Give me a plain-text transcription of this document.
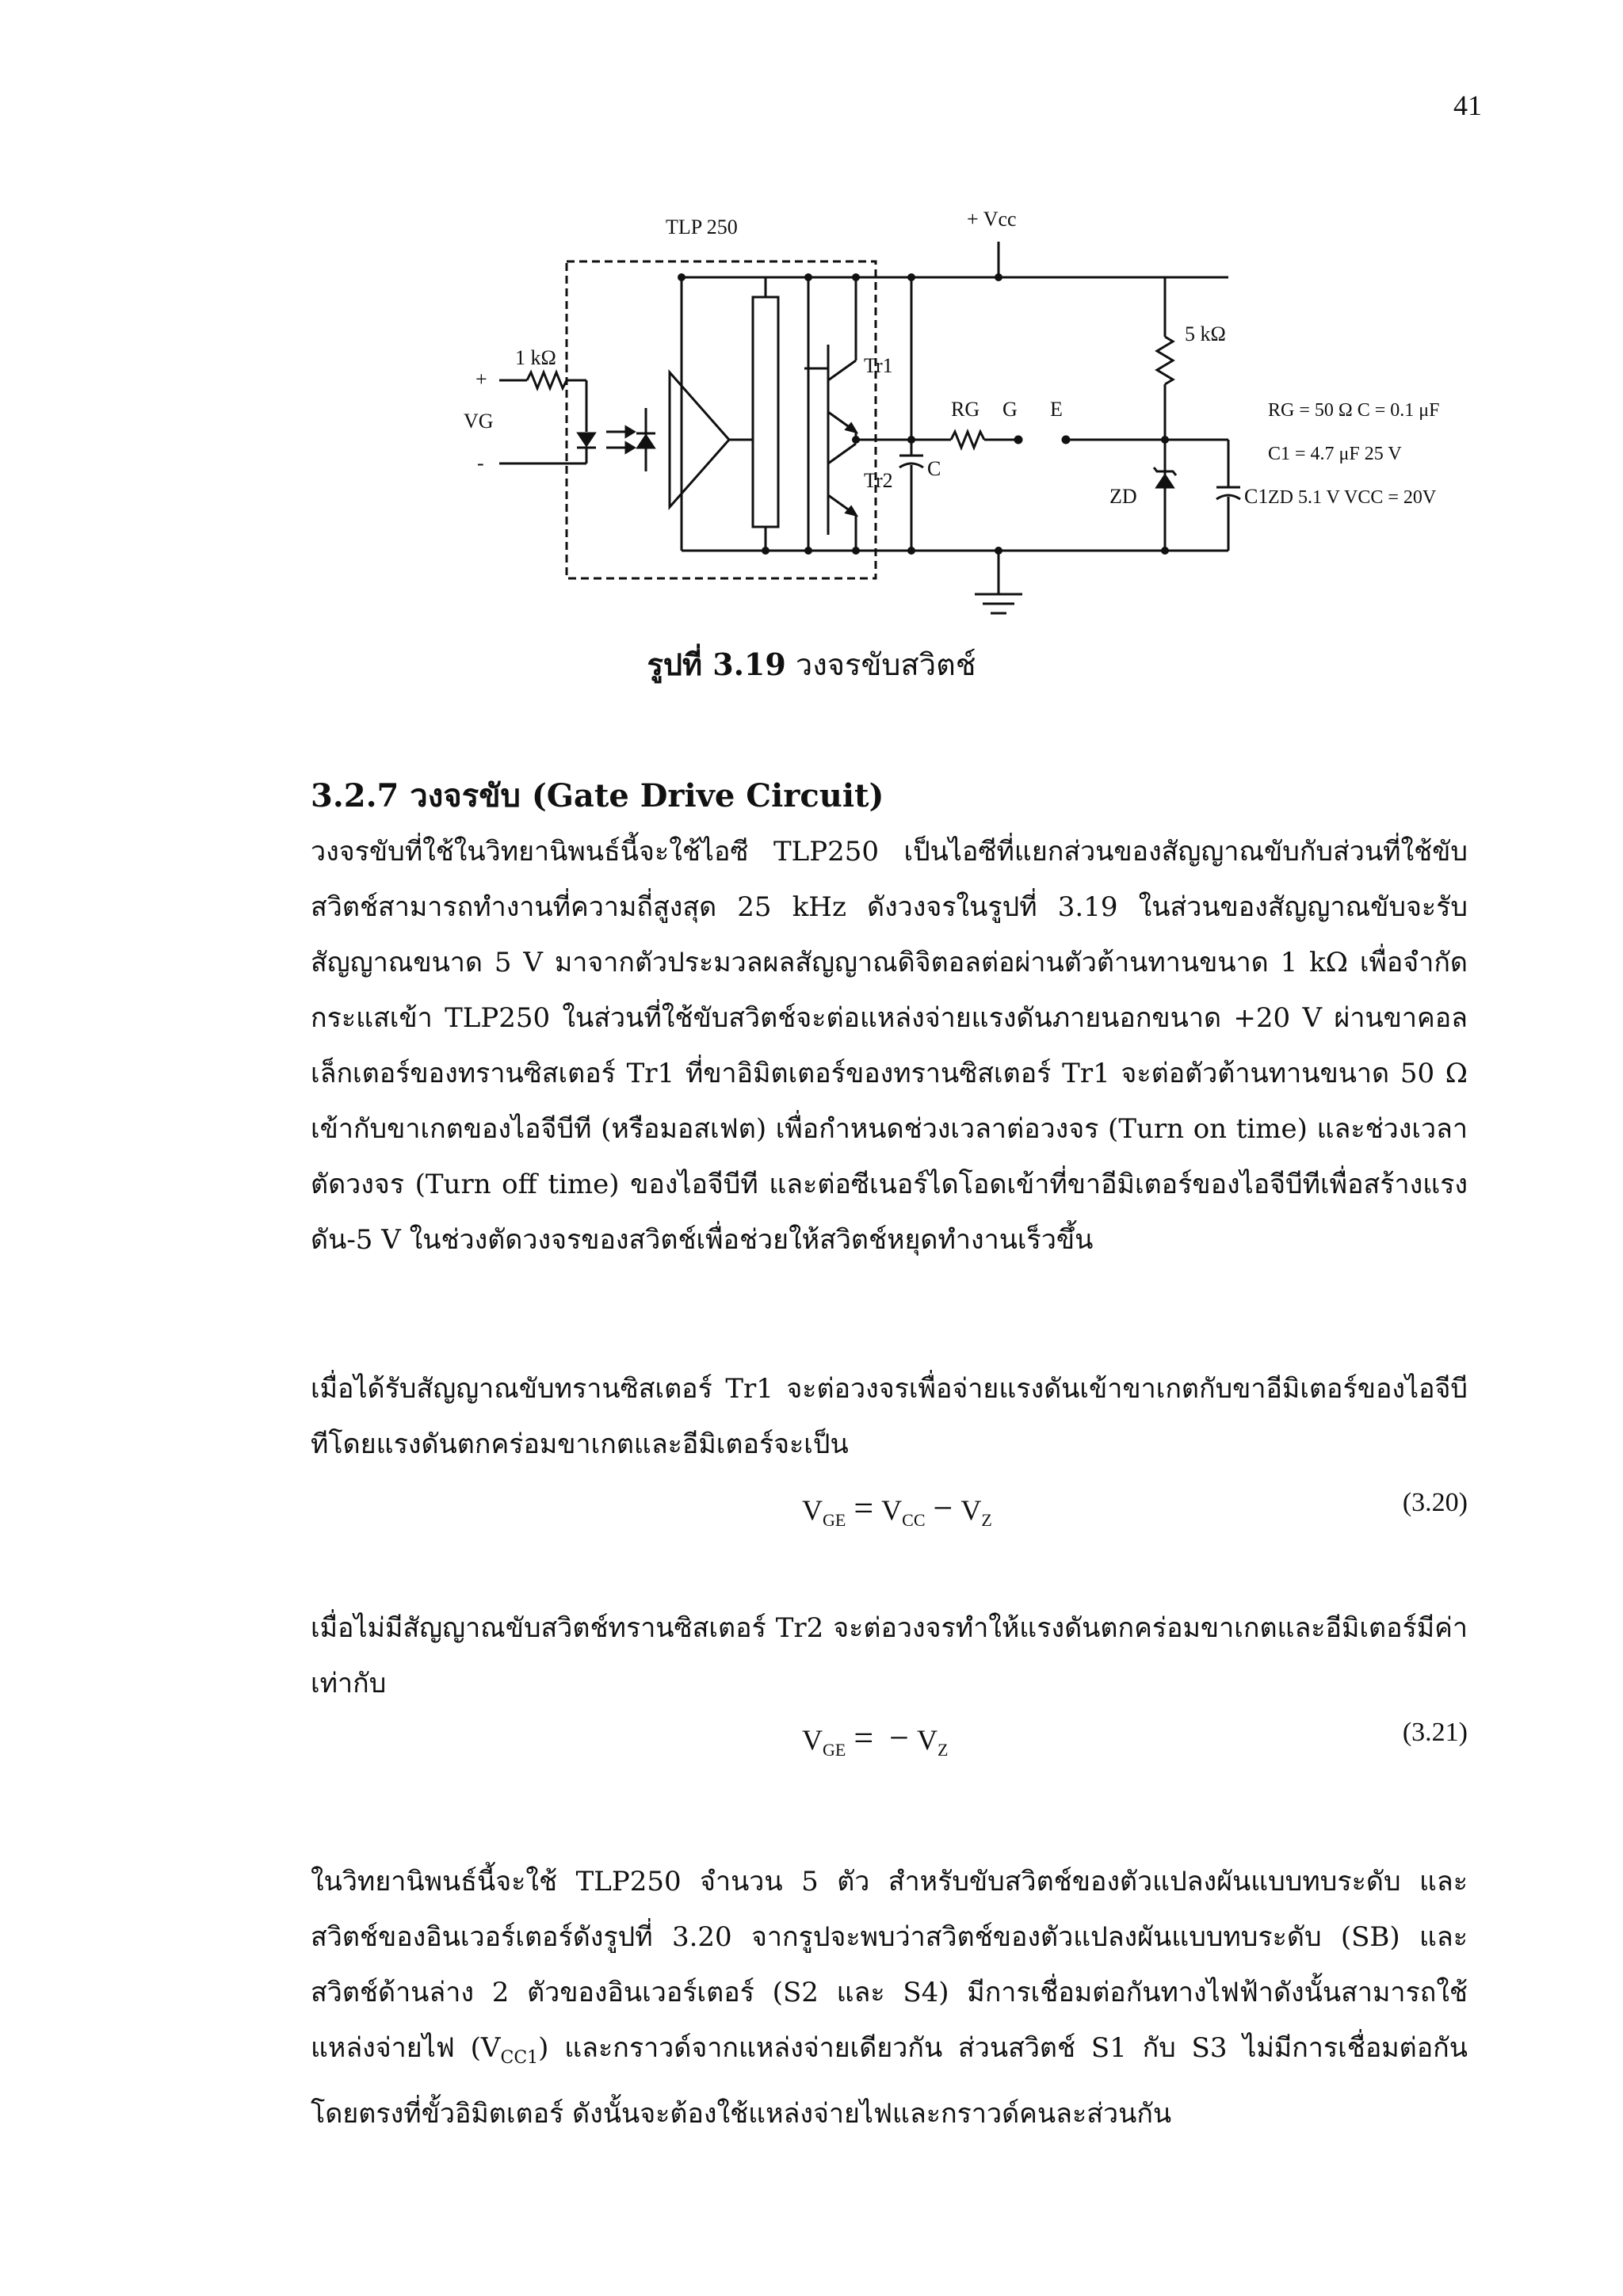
41
TLP 250	+ Vcc
1 kΩ
+
VG
-
Tr1
Tr2
RG G E
C
ZD	C1
5 kΩ
RG = 50 Ω C = 0.1 μF
C1 = 4.7 μF 25 V
ZD 5.1 V VCC = 20V
รูปที่ 3.19 วงจรขับสวิตช์
3.2.7 วงจรขับ (Gate Drive Circuit)

วงจรขับที่ใช้ในวิทยานิพนธ์นี้จะใช้ไอซี TLP250 เป็นไอซีที่แยกส่วนของสัญญาณขับกับส่วนที่ใช้ขับสวิตช์สามารถทำงานที่ความถี่สูงสุด 25 kHz ดังวงจรในรูปที่ 3.19 ในส่วนของสัญญาณขับจะรับสัญญาณขนาด 5 V มาจากตัวประมวลผลสัญญาณดิจิตอลต่อผ่านตัวต้านทานขนาด 1 kΩ เพื่อจำกัดกระแสเข้า TLP250 ในส่วนที่ใช้ขับสวิตช์จะต่อแหล่งจ่ายแรงดันภายนอกขนาด +20 V ผ่านขาคอลเล็กเตอร์ของทรานซิสเตอร์ Tr1 ที่ขาอิมิตเตอร์ของทรานซิสเตอร์ Tr1 จะต่อตัวต้านทานขนาด 50 Ω เข้ากับขาเกตของไอจีบีที (หรือมอสเฟต) เพื่อกำหนดช่วงเวลาต่อวงจร (Turn on time) และช่วงเวลาตัดวงจร (Turn off time) ของไอจีบีที และต่อซีเนอร์ไดโอดเข้าที่ขาอีมิเตอร์ของไอจีบีทีเพื่อสร้างแรงดัน-5 V ในช่วงตัดวงจรของสวิตช์เพื่อช่วยให้สวิตช์หยุดทำงานเร็วขึ้น

เมื่อได้รับสัญญาณขับทรานซิสเตอร์ Tr1 จะต่อวงจรเพื่อจ่ายแรงดันเข้าขาเกตกับขาอีมิเตอร์ของไอจีบีทีโดยแรงดันตกคร่อมขาเกตและอีมิเตอร์จะเป็น

$V_{GE} = V_{CC} - V_Z$
(3.20)

เมื่อไม่มีสัญญาณขับสวิตช์ทรานซิสเตอร์ Tr2 จะต่อวงจรทำให้แรงดันตกคร่อมขาเกตและอีมิเตอร์มีค่าเท่ากับ

$V_{GE}$ = − $V_Z$
(3.21)

ในวิทยานิพนธ์นี้จะใช้ TLP250 จำนวน 5 ตัว สำหรับขับสวิตช์ของตัวแปลงผันแบบทบระดับ และสวิตช์ของอินเวอร์เตอร์ดังรูปที่ 3.20 จากรูปจะพบว่าสวิตช์ของตัวแปลงผันแบบทบระดับ (SB) และสวิตช์ด้านล่าง 2 ตัวของอินเวอร์เตอร์ (S2 และ S4) มีการเชื่อมต่อกันทางไฟฟ้าดังนั้นสามารถใช้แหล่งจ่ายไฟ $(V_{CC1})$ และกราวด์จากแหล่งจ่ายเดียวกัน ส่วนสวิตช์ S1 กับ S3 ไม่มีการเชื่อมต่อกันโดยตรงที่ขั้วอิมิตเตอร์ ดังนั้นจะต้องใช้แหล่งจ่ายไฟและกราวด์คนละส่วนกัน
